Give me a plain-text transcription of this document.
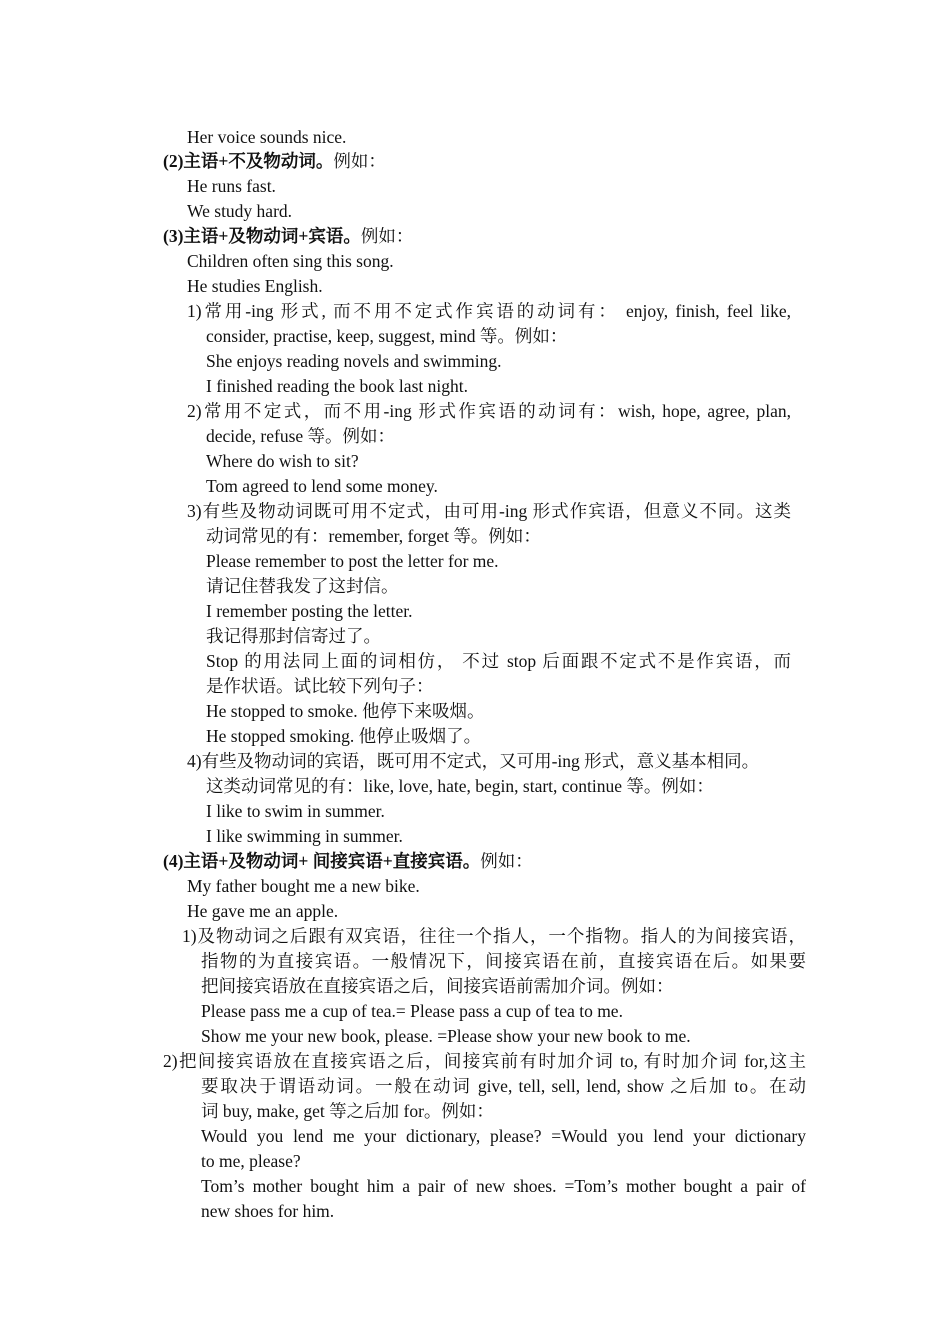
Her voice sounds nice.
(2)主语+不及物动词。例如：
He runs fast.
We study hard.
(3)主语+及物动词+宾语。例如：
Children often sing this song.
He studies English.
1)常用-ing 形式, 而不用不定式作宾语的动词有： enjoy, finish, feel like,
consider, practise, keep, suggest, mind 等。例如：
She enjoys reading novels and swimming.
I finished reading the book last night.
2)常用不定式，而不用-ing 形式作宾语的动词有：wish, hope, agree, plan,
decide, refuse 等。例如：
Where do wish to sit?
Tom agreed to lend some money.
3)有些及物动词既可用不定式，由可用-ing 形式作宾语，但意义不同。这类
动词常见的有：remember, forget 等。例如：
Please remember to post the letter for me.
请记住替我发了这封信。
I remember posting the letter.
我记得那封信寄过了。
Stop 的用法同上面的词相仿， 不过 stop 后面跟不定式不是作宾语，而
是作状语。试比较下列句子：
He stopped to smoke. 他停下来吸烟。
He stopped smoking. 他停止吸烟了。
4)有些及物动词的宾语，既可用不定式，又可用-ing 形式，意义基本相同。
这类动词常见的有：like, love, hate, begin, start, continue 等。例如：
I like to swim in summer.
I like swimming in summer.
(4)主语+及物动词+ 间接宾语+直接宾语。例如：
My father bought me a new bike.
He gave me an apple.
1)及物动词之后跟有双宾语，往往一个指人，一个指物。指人的为间接宾语，
指物的为直接宾语。一般情况下，间接宾语在前，直接宾语在后。如果要
把间接宾语放在直接宾语之后，间接宾语前需加介词。例如：
Please pass me a cup of tea.= Please pass a cup of tea to me.
Show me your new book, please. =Please show your new book to me.
2)把间接宾语放在直接宾语之后，间接宾前有时加介词 to, 有时加介词 for,这主
要取决于谓语动词。一般在动词 give, tell, sell, lend, show 之后加 to。在动
词 buy, make, get 等之后加 for。例如：
Would you lend me your dictionary, please? =Would you lend your dictionary
to me, please?
Tom’s mother bought him a pair of new shoes. =Tom’s mother bought a pair of
new shoes for him.
